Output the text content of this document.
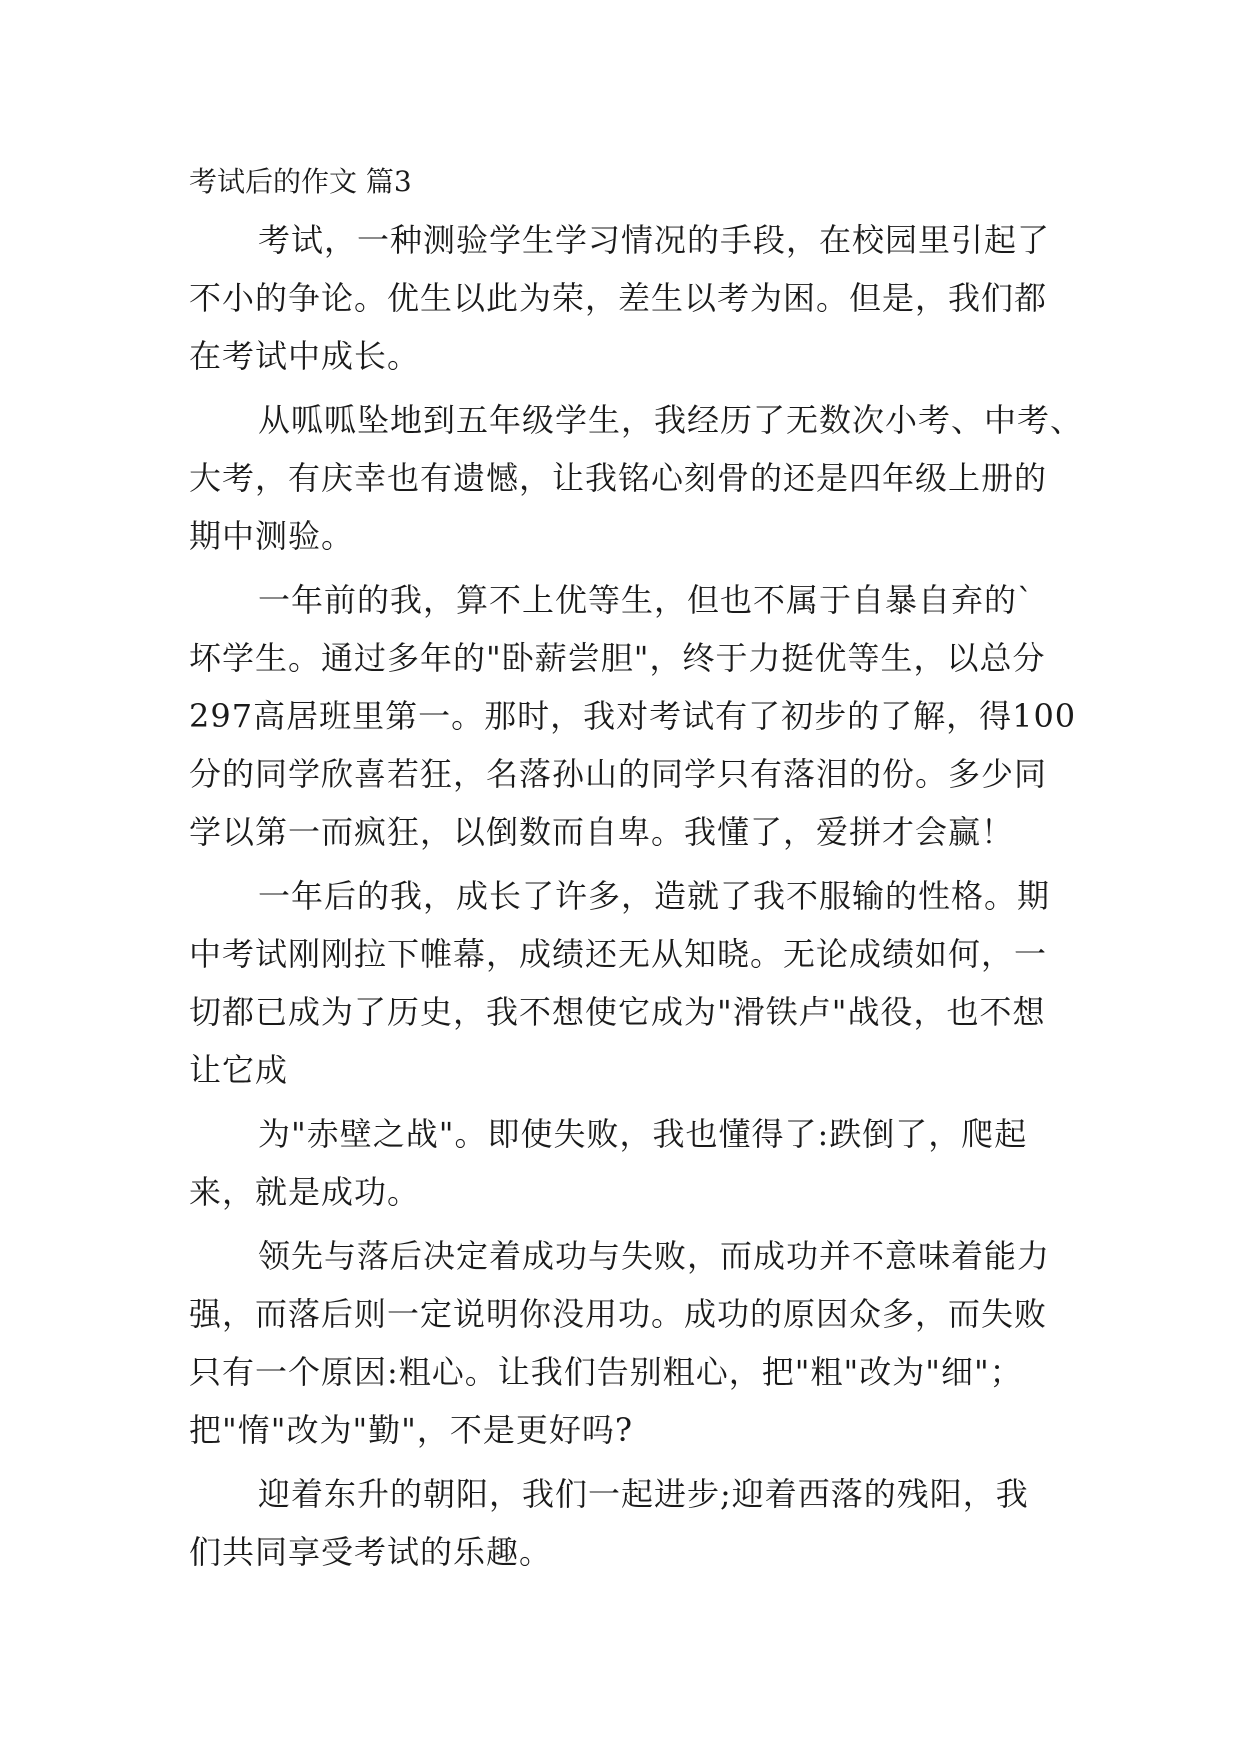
考试后的作文 篇3
考试，一种测验学生学习情况的手段，在校园里引起了
不小的争论。优生以此为荣，差生以考为困。但是，我们都
在考试中成长。
从呱呱坠地到五年级学生，我经历了无数次小考、中考、
大考，有庆幸也有遗憾，让我铭心刻骨的还是四年级上册的
期中测验。
一年前的我，算不上优等生，但也不属于自暴自弃的`
坏学生。通过多年的"卧薪尝胆"，终于力挺优等生，以总分
297高居班里第一。那时，我对考试有了初步的了解，得100
分的同学欣喜若狂，名落孙山的同学只有落泪的份。多少同
学以第一而疯狂，以倒数而自卑。我懂了，爱拼才会赢！
一年后的我，成长了许多，造就了我不服输的性格。期
中考试刚刚拉下帷幕，成绩还无从知晓。无论成绩如何，一
切都已成为了历史，我不想使它成为"滑铁卢"战役，也不想
让它成
为"赤壁之战"。即使失败，我也懂得了:跌倒了，爬起
来，就是成功。
领先与落后决定着成功与失败，而成功并不意味着能力
强，而落后则一定说明你没用功。成功的原因众多，而失败
只有一个原因:粗心。让我们告别粗心，把"粗"改为"细"；
把"惰"改为"勤"，不是更好吗?
迎着东升的朝阳，我们一起进步;迎着西落的残阳，我
们共同享受考试的乐趣。
